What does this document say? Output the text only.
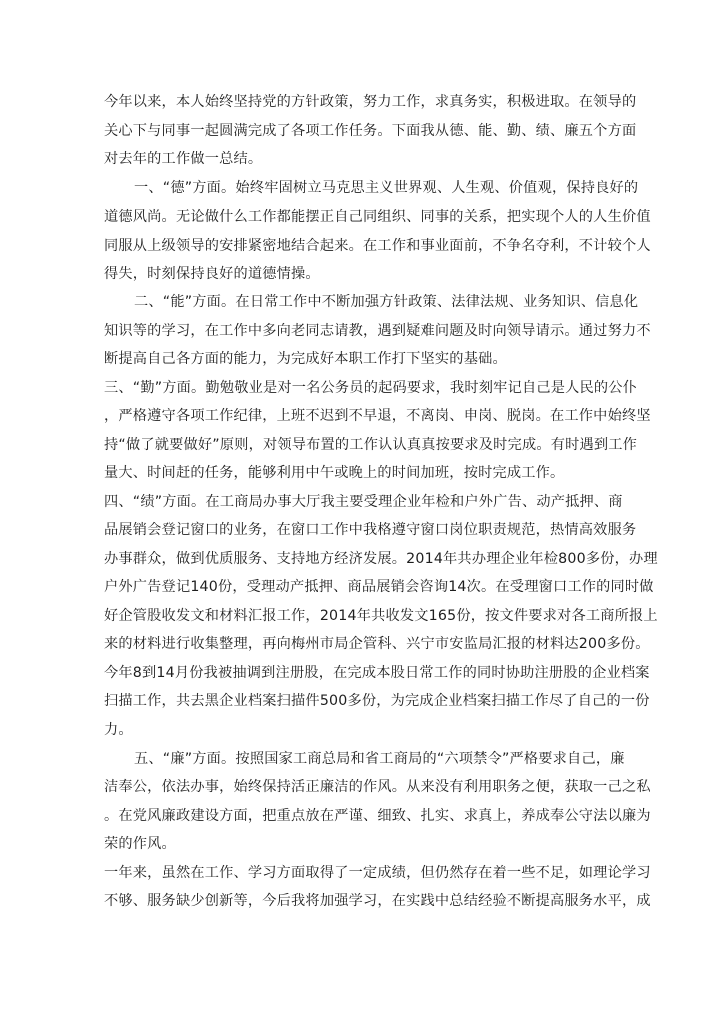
今年以来，本人始终坚持党的方针政策，努力工作，求真务实，积极进取。在领导的
关心下与同事一起圆满完成了各项工作任务。下面我从德、能、勤、绩、廉五个方面
对去年的工作做一总结。
一、“德”方面。始终牢固树立马克思主义世界观、人生观、价值观，保持良好的
道德风尚。无论做什么工作都能摆正自己同组织、同事的关系，把实现个人的人生价值
同服从上级领导的安排紧密地结合起来。在工作和事业面前，不争名夺利，不计较个人
得失，时刻保持良好的道德情操。
二、“能”方面。在日常工作中不断加强方针政策、法律法规、业务知识、信息化
知识等的学习，在工作中多向老同志请教，遇到疑难问题及时向领导请示。通过努力不
断提高自己各方面的能力，为完成好本职工作打下坚实的基础。
三、“勤”方面。勤勉敬业是对一名公务员的起码要求，我时刻牢记自己是人民的公仆
，严格遵守各项工作纪律，上班不迟到不早退，不离岗、申岗、脱岗。在工作中始终坚
持“做了就要做好”原则，对领导布置的工作认认真真按要求及时完成。有时遇到工作
量大、时间赶的任务，能够利用中午或晚上的时间加班，按时完成工作。
四、“绩”方面。在工商局办事大厅我主要受理企业年检和户外广告、动产抵押、商
品展销会登记窗口的业务，在窗口工作中我格遵守窗口岗位职责规范，热情高效服务
办事群众，做到优质服务、支持地方经济发展。2014年共办理企业年检800多份，办理
户外广告登记140份，受理动产抵押、商品展销会咨询14次。在受理窗口工作的同时做
好企管股收发文和材料汇报工作，2014年共收发文165份，按文件要求对各工商所报上
来的材料进行收集整理，再向梅州市局企管科、兴宁市安监局汇报的材料达200多份。
今年8到14月份我被抽调到注册股，在完成本股日常工作的同时协助注册股的企业档案
扫描工作，共去黑企业档案扫描件500多份，为完成企业档案扫描工作尽了自己的一份
力。
五、“廉”方面。按照国家工商总局和省工商局的“六项禁令”严格要求自己，廉
洁奉公，依法办事，始终保持活正廉洁的作风。从来没有利用职务之便，获取一己之私
。在党风廉政建设方面，把重点放在严谨、细致、扎实、求真上，养成奉公守法以廉为
荣的作风。
一年来，虽然在工作、学习方面取得了一定成绩，但仍然存在着一些不足，如理论学习
不够、服务缺少创新等，今后我将加强学习，在实践中总结经验不断提高服务水平，成
